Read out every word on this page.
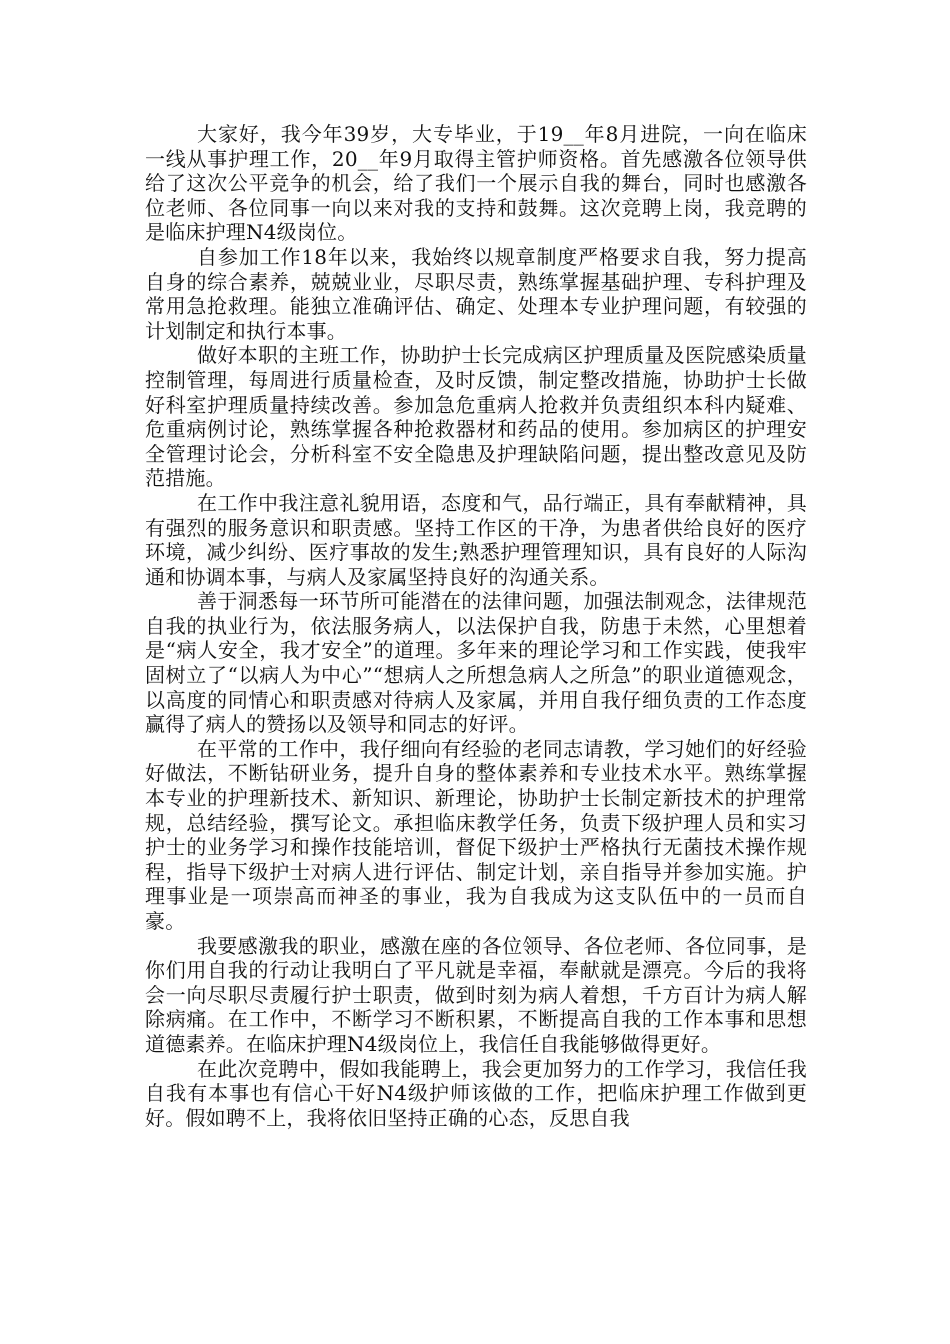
大家好，我今年39岁，大专毕业，于19__年8月进院，一向在临床一线从事护理工作，20__年9月取得主管护师资格。首先感激各位领导供给了这次公平竞争的机会，给了我们一个展示自我的舞台，同时也感激各位老师、各位同事一向以来对我的支持和鼓舞。这次竞聘上岗，我竞聘的是临床护理N4级岗位。

自参加工作18年以来，我始终以规章制度严格要求自我，努力提高自身的综合素养，兢兢业业，尽职尽责，熟练掌握基础护理、专科护理及常用急抢救理。能独立准确评估、确定、处理本专业护理问题，有较强的计划制定和执行本事。

做好本职的主班工作，协助护士长完成病区护理质量及医院感染质量控制管理，每周进行质量检查，及时反馈，制定整改措施，协助护士长做好科室护理质量持续改善。参加急危重病人抢救并负责组织本科内疑难、危重病例讨论，熟练掌握各种抢救器材和药品的使用。参加病区的护理安全管理讨论会，分析科室不安全隐患及护理缺陷问题，提出整改意见及防范措施。

在工作中我注意礼貌用语，态度和气，品行端正，具有奉献精神，具有强烈的服务意识和职责感。坚持工作区的干净，为患者供给良好的医疗环境，减少纠纷、医疗事故的发生;熟悉护理管理知识，具有良好的人际沟通和协调本事，与病人及家属坚持良好的沟通关系。

善于洞悉每一环节所可能潜在的法律问题，加强法制观念，法律规范自我的执业行为，依法服务病人，以法保护自我，防患于未然，心里想着是“病人安全，我才安全”的道理。多年来的理论学习和工作实践，使我牢固树立了“以病人为中心”“想病人之所想急病人之所急”的职业道德观念，以高度的同情心和职责感对待病人及家属，并用自我仔细负责的工作态度赢得了病人的赞扬以及领导和同志的好评。

在平常的工作中，我仔细向有经验的老同志请教，学习她们的好经验好做法，不断钻研业务，提升自身的整体素养和专业技术水平。熟练掌握本专业的护理新技术、新知识、新理论，协助护士长制定新技术的护理常规，总结经验，撰写论文。承担临床教学任务，负责下级护理人员和实习护士的业务学习和操作技能培训，督促下级护士严格执行无菌技术操作规程，指导下级护士对病人进行评估、制定计划，亲自指导并参加实施。护理事业是一项崇高而神圣的事业，我为自我成为这支队伍中的一员而自豪。

我要感激我的职业，感激在座的各位领导、各位老师、各位同事，是你们用自我的行动让我明白了平凡就是幸福，奉献就是漂亮。今后的我将会一向尽职尽责履行护士职责，做到时刻为病人着想，千方百计为病人解除病痛。在工作中，不断学习不断积累，不断提高自我的工作本事和思想道德素养。在临床护理N4级岗位上，我信任自我能够做得更好。

在此次竞聘中，假如我能聘上，我会更加努力的工作学习，我信任我自我有本事也有信心干好N4级护师该做的工作，把临床护理工作做到更好。假如聘不上，我将依旧坚持正确的心态，反思自我
